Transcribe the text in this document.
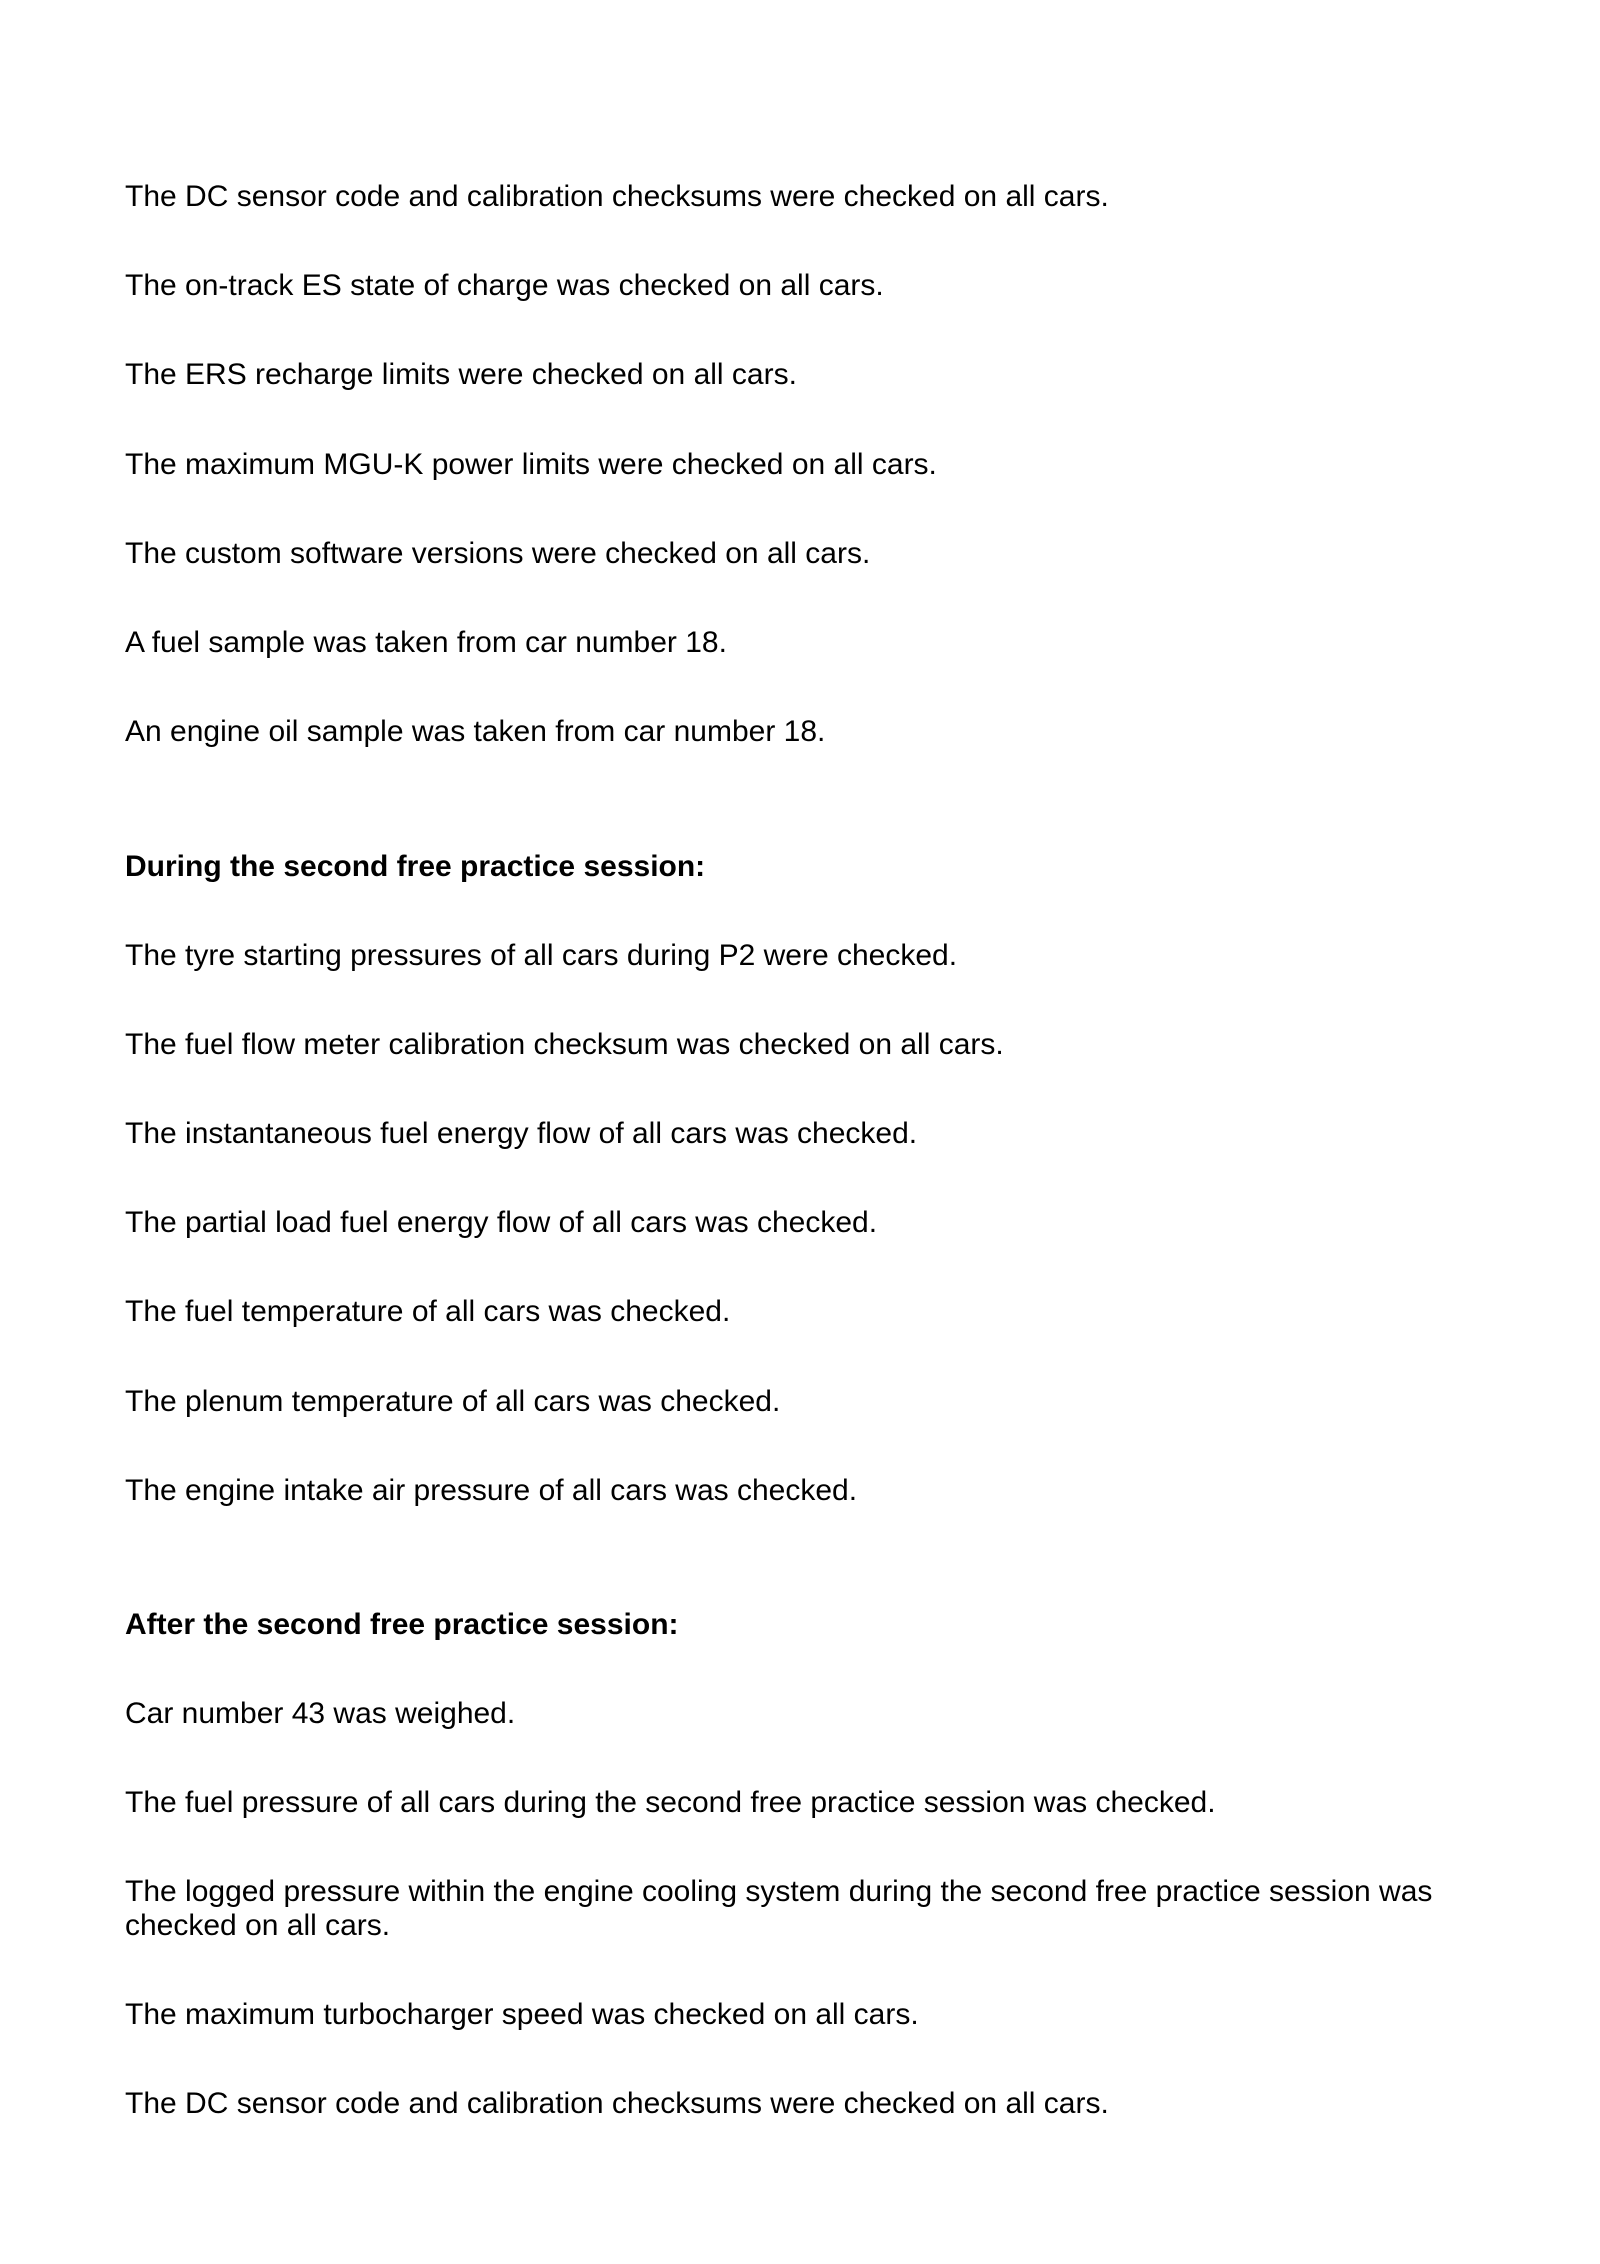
The DC sensor code and calibration checksums were checked on all cars.
The on-track ES state of charge was checked on all cars.
The ERS recharge limits were checked on all cars.
The maximum MGU-K power limits were checked on all cars.
The custom software versions were checked on all cars.
A fuel sample was taken from car number 18.
An engine oil sample was taken from car number 18.
During the second free practice session:
The tyre starting pressures of all cars during P2 were checked.
The fuel flow meter calibration checksum was checked on all cars.
The instantaneous fuel energy flow of all cars was checked.
The partial load fuel energy flow of all cars was checked.
The fuel temperature of all cars was checked.
The plenum temperature of all cars was checked.
The engine intake air pressure of all cars was checked.
After the second free practice session:
Car number 43 was weighed.
The fuel pressure of all cars during the second free practice session was checked.
The logged pressure within the engine cooling system during the second free practice session was checked on all cars.
The maximum turbocharger speed was checked on all cars.
The DC sensor code and calibration checksums were checked on all cars.
